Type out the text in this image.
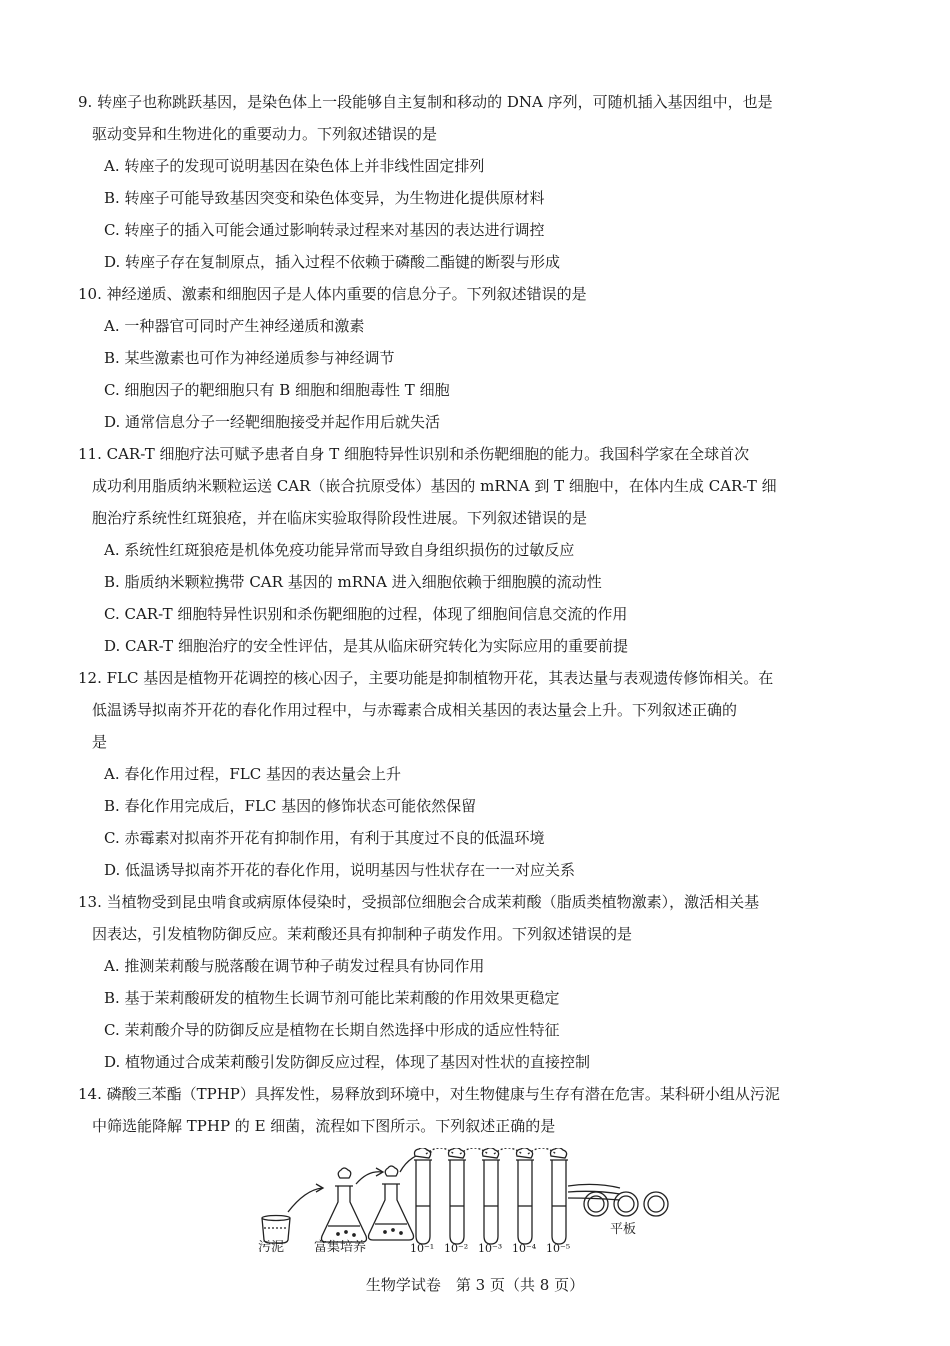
9. 转座子也称跳跃基因，是染色体上一段能够自主复制和移动的 DNA 序列，可随机插入基因组中，也是
驱动变异和生物进化的重要动力。下列叙述错误的是
A. 转座子的发现可说明基因在染色体上并非线性固定排列
B. 转座子可能导致基因突变和染色体变异，为生物进化提供原材料
C. 转座子的插入可能会通过影响转录过程来对基因的表达进行调控
D. 转座子存在复制原点，插入过程不依赖于磷酸二酯键的断裂与形成
10. 神经递质、激素和细胞因子是人体内重要的信息分子。下列叙述错误的是
A. 一种器官可同时产生神经递质和激素
B. 某些激素也可作为神经递质参与神经调节
C. 细胞因子的靶细胞只有 B 细胞和细胞毒性 T 细胞
D. 通常信息分子一经靶细胞接受并起作用后就失活
11. CAR-T 细胞疗法可赋予患者自身 T 细胞特异性识别和杀伤靶细胞的能力。我国科学家在全球首次
成功利用脂质纳米颗粒运送 CAR（嵌合抗原受体）基因的 mRNA 到 T 细胞中，在体内生成 CAR-T 细
胞治疗系统性红斑狼疮，并在临床实验取得阶段性进展。下列叙述错误的是
A. 系统性红斑狼疮是机体免疫功能异常而导致自身组织损伤的过敏反应
B. 脂质纳米颗粒携带 CAR 基因的 mRNA 进入细胞依赖于细胞膜的流动性
C. CAR-T 细胞特异性识别和杀伤靶细胞的过程，体现了细胞间信息交流的作用
D. CAR-T 细胞治疗的安全性评估，是其从临床研究转化为实际应用的重要前提
12. FLC 基因是植物开花调控的核心因子，主要功能是抑制植物开花，其表达量与表观遗传修饰相关。在
低温诱导拟南芥开花的春化作用过程中，与赤霉素合成相关基因的表达量会上升。下列叙述正确的
是
A. 春化作用过程，FLC 基因的表达量会上升
B. 春化作用完成后，FLC 基因的修饰状态可能依然保留
C. 赤霉素对拟南芥开花有抑制作用，有利于其度过不良的低温环境
D. 低温诱导拟南芥开花的春化作用，说明基因与性状存在一一对应关系
13. 当植物受到昆虫啃食或病原体侵染时，受损部位细胞会合成茉莉酸（脂质类植物激素），激活相关基
因表达，引发植物防御反应。茉莉酸还具有抑制种子萌发作用。下列叙述错误的是
A. 推测茉莉酸与脱落酸在调节种子萌发过程具有协同作用
B. 基于茉莉酸研发的植物生长调节剂可能比茉莉酸的作用效果更稳定
C. 茉莉酸介导的防御反应是植物在长期自然选择中形成的适应性特征
D. 植物通过合成茉莉酸引发防御反应过程，体现了基因对性状的直接控制
14. 磷酸三苯酯（TPHP）具挥发性，易释放到环境中，对生物健康与生存有潜在危害。某科研小组从污泥
中筛选能降解 TPHP 的 E 细菌，流程如下图所示。下列叙述正确的是
污泥 富集培养	10⁻¹ 10⁻² 10⁻³ 10⁻⁴ 10⁻⁵
平板
生物学试卷　第 3 页（共 8 页）
